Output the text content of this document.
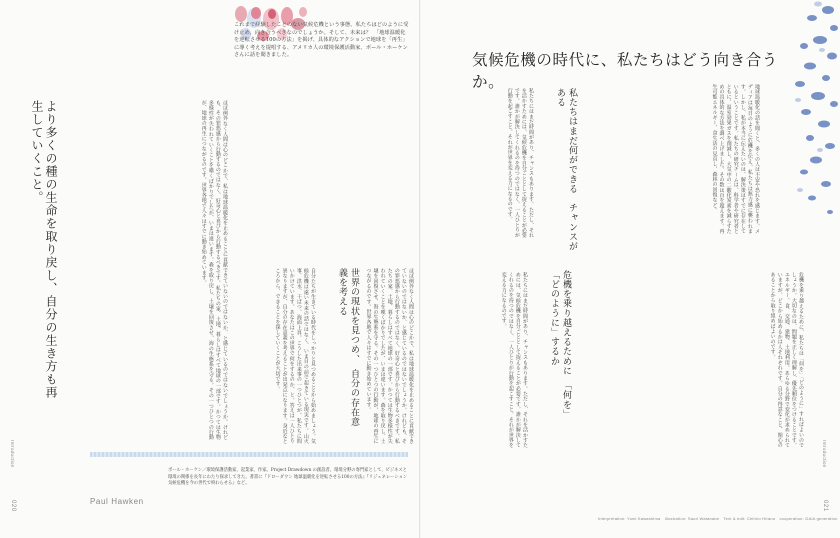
これまで経験したことのない気候危機という事態。私たちはどのように受け止め、向き合うべきなのでしょうか。そして、未来は？　「地球温暖化を逆転させる100の方法」を掲げ、具体的なアクションで地球を「再生」に導く考えを提唱する、アメリカ人の環境保護活動家、ポール・ホーケンさんに話を聞きました。	気候危機の時代に、私たちはどう向き合うか。
より多くの種の生命を取り戻し、自分の生き方も再生していくこと。	ほぼ例外なく人間は心のどこかで、私は地球温暖化を止めることに貢献できていないのではないか、と感じているのではないでしょうか。けれども、その罪悪感から行動するのではなく、好奇心と喜びから行動するべきです。私たちの家、土地、暮らしはすべて地球の一部です。かつては生物多様性が失われていくことを嘆くばかりでしたが、いまは違います。森を取り戻し、土壌を回復させ、海の生態系を守る。その一つひとつの行動が、地球の再生につながるのです。世界各地で人々はすでに動き始めています。
世界の現状を見つめ、　自分の存在意義を考える
自分たちが生きている時代をしっかりと見つめることから始めましょう。気候危機は遠い未来の話ではなく、いま目の前で起きている現実です。山火事、洪水、干ばつ、海面上昇。こうした出来事の一つひとつが、私たちに問いかけています。あなたはこの世界で何をするのか、と。答えは一人ひとり異なりますが、自分の存在意義を考えることが出発点になります。身近なところから、できることを探していくことが大切です。	ほぼ例外なく人間は心のどこかで、私は地球温暖化を止めることに貢献できていないのではないか、と感じているのではないでしょうか。けれども、その罪悪感から行動するのではなく、好奇心と喜びから行動するべきです。私たちの家、土地、暮らしはすべて地球の一部です。かつては生物多様性が失われていくことを嘆くばかりでしたが、いまは違います。森を取り戻し、土壌を回復させ、海の生態系を守る。その一つひとつの行動が、地球の再生につながるのです。世界各地で人々はすでに動き始めています。
地球温暖化の話を聞くと、多くの人は不安や恐れを感じます。メディアは毎日のように危機を伝え、私たちは無力感に襲われます。しかし、私が本当に伝えたいのは、解決策はすでに存在しているということです。私たちの研究チームは、科学者や研究者とともに、温室効果ガスを削減し、大気中の二酸化炭素を減らすための具体的な方法を調べ上げました。その数は百を超えます。再生可能エネルギー、食生活の見直し、森林の回復など。
私たちはまだ何ができる　チャンスがある
私たちにはまだ時間があり、チャンスもあります。ただし、それを活かすためには、気候危機を自分ごととして捉えることが必要です。誰かが解決してくれるのを待つのではなく、一人ひとりが行動を起こすこと。それが世界を変える力になるのです。
危機を乗り越えるために、私たちは「何を」「どのように」すればよいのでしょうか。大切なのは、問題を正しく理解し、優先順位をつけることです。エネルギー、食、交通、建物、土地利用。あらゆる分野で変化が求められていますが、どこから始めるかは人それぞれです。自分の得意なこと、関心のあることから取り組めばよいのです。
危機を乗り越えるために　「何を」「どのように」するか
私たちにはまだ時間があり、チャンスもあります。ただし、それを活かすためには、気候危機を自分ごととして捉えることが必要です。誰かが解決してくれるのを待つのではなく、一人ひとりが行動を起こすこと。それが世界を変える力になるのです。
ポール・ホーケン／環境保護活動家、起業家、作家。Project Drawdown の創設者。環境分野の専門家として、ビジネスと環境の関係を長年にわたり探求してきた。著書に『ドローダウン 地球温暖化を逆転させる100の方法』『リジェネレーション 気候危機を今の世代で終わらせる』など。
Paul Hawken
Introduction
020
Introduction
021
Interpretation: Yumi Kawashima　Illustration: Saori Watanabe　Text & edit: Chihiro Hirano　cooperation: GAIA generation
